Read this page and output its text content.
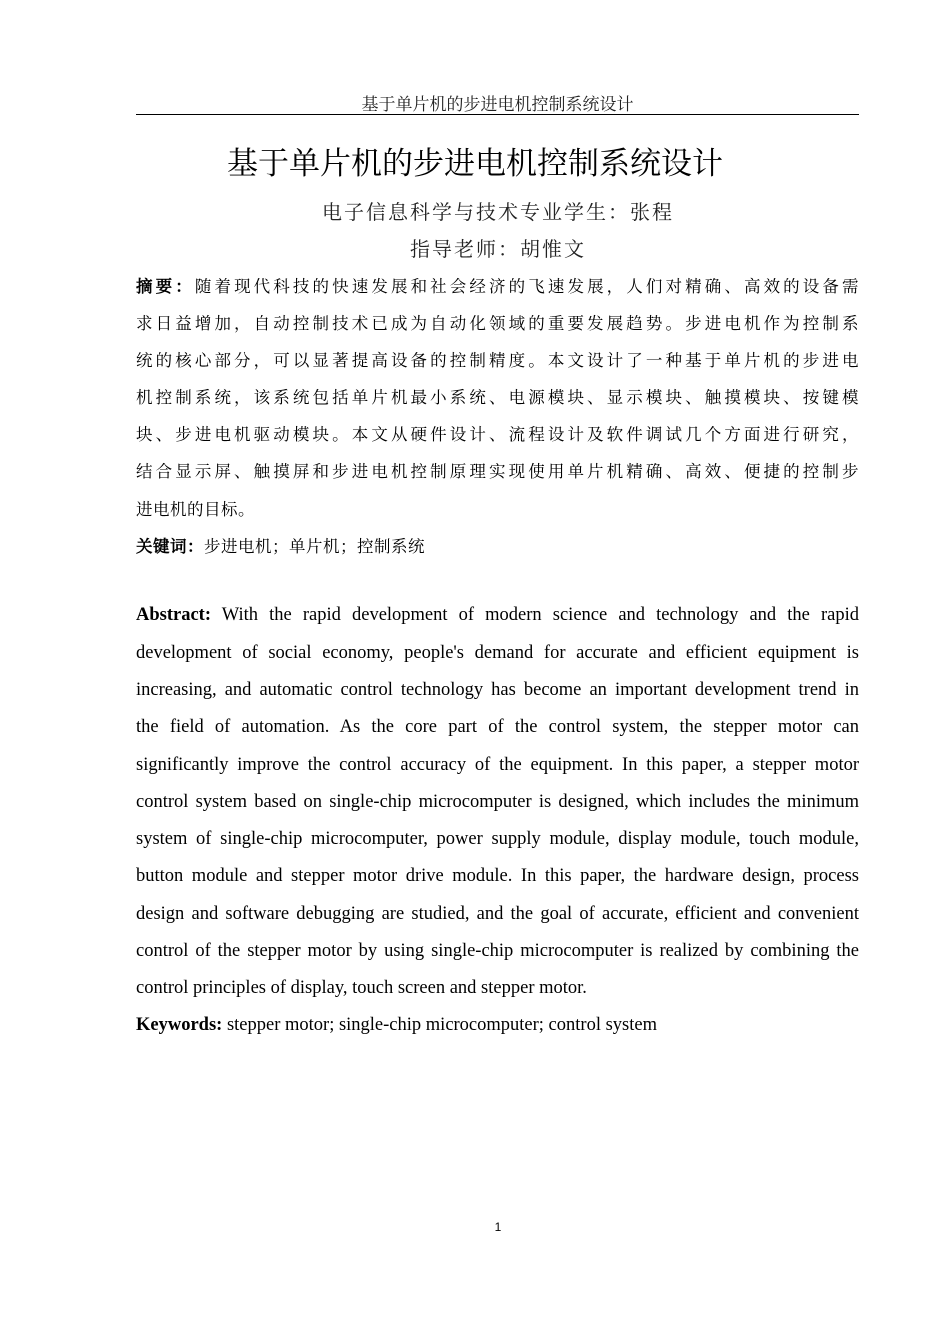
基于单片机的步进电机控制系统设计
基于单片机的步进电机控制系统设计
电子信息科学与技术专业学生：张程
指导老师：胡惟文
摘要：随着现代科技的快速发展和社会经济的飞速发展，人们对精确、高效的设备需
求日益增加，自动控制技术已成为自动化领域的重要发展趋势。步进电机作为控制系
统的核心部分，可以显著提高设备的控制精度。本文设计了一种基于单片机的步进电
机控制系统，该系统包括单片机最小系统、电源模块、显示模块、触摸模块、按键模
块、步进电机驱动模块。本文从硬件设计、流程设计及软件调试几个方面进行研究，
结合显示屏、触摸屏和步进电机控制原理实现使用单片机精确、高效、便捷的控制步
进电机的目标。
关键词：步进电机；单片机；控制系统
Abstract: With the rapid development of modern science and technology and the rapid
development of social economy, people's demand for accurate and efficient equipment is
increasing, and automatic control technology has become an important development trend in
the field of automation. As the core part of the control system, the stepper motor can
significantly improve the control accuracy of the equipment. In this paper, a stepper motor
control system based on single-chip microcomputer is designed, which includes the minimum
system of single-chip microcomputer, power supply module, display module, touch module,
button module and stepper motor drive module. In this paper, the hardware design, process
design and software debugging are studied, and the goal of accurate, efficient and convenient
control of the stepper motor by using single-chip microcomputer is realized by combining the
control principles of display, touch screen and stepper motor.
Keywords: stepper motor; single-chip microcomputer; control system
1
